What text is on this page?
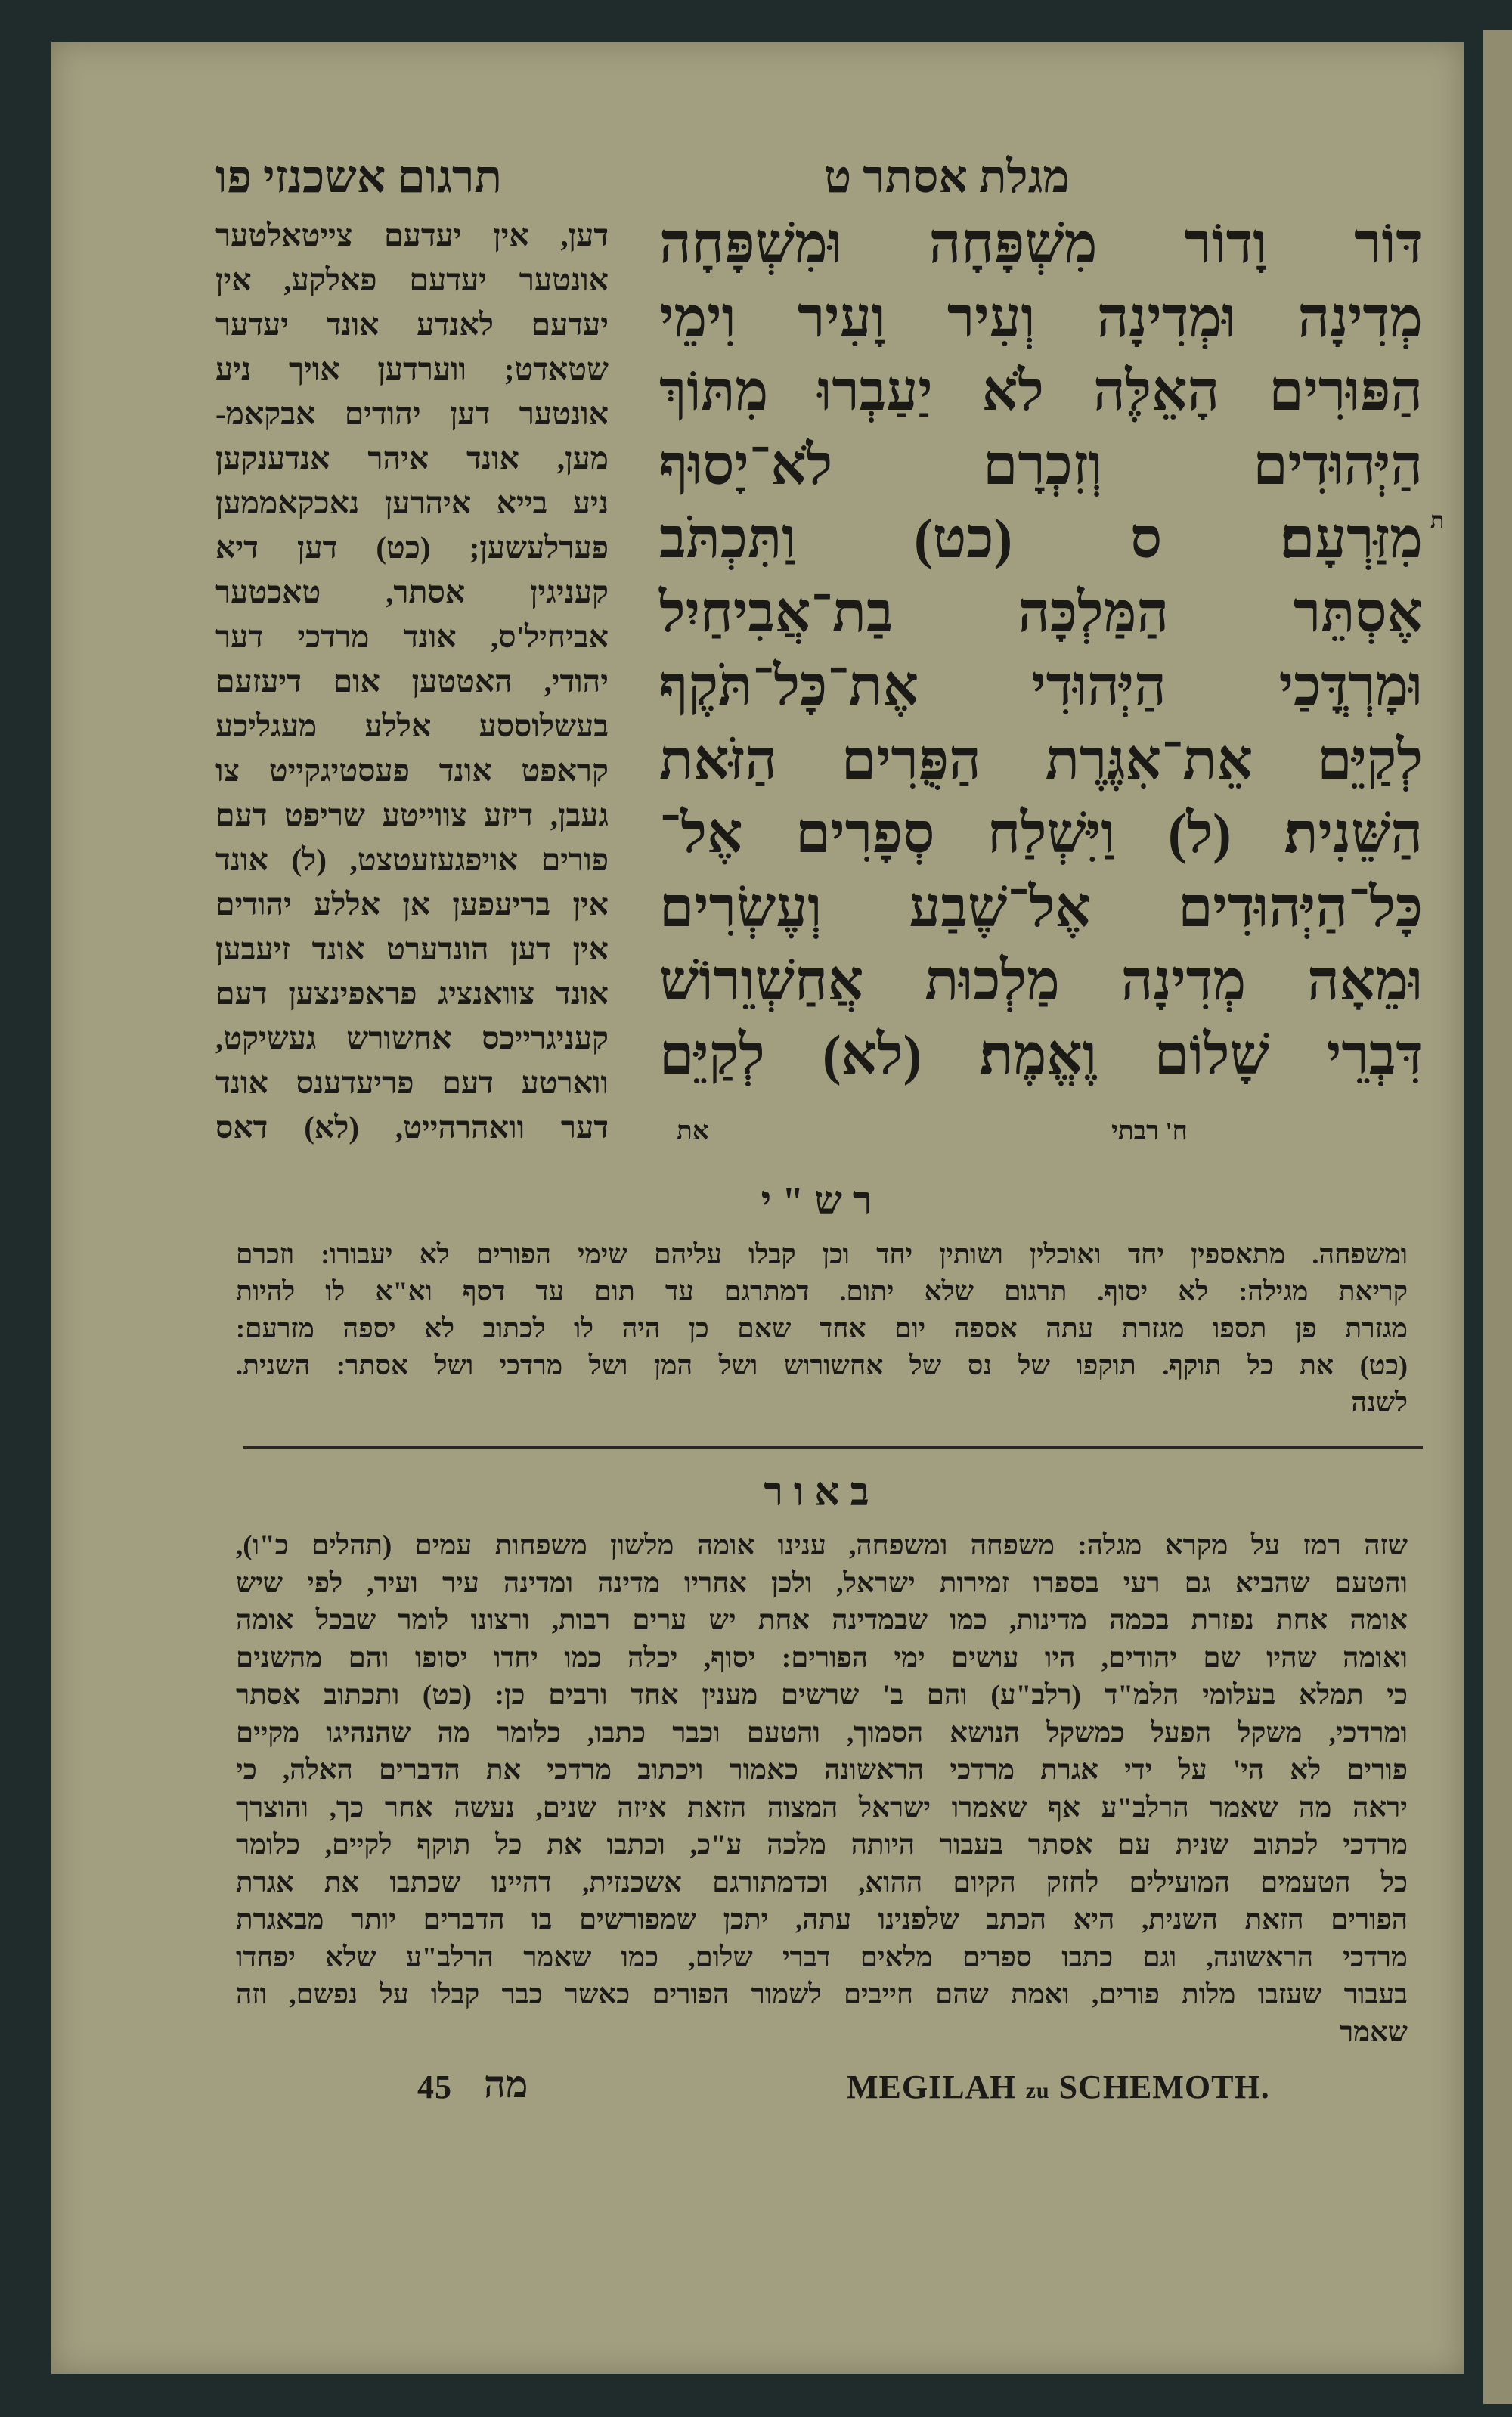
מגלת אסתר ט
תרגום אשכנזי פו
דּוֹר וָדוֹר מִשְׁפָּחָה וּמִשְׁפָּחָה
מְדִינָה וּמְדִינָה וְעִיר וָעִיר וִימֵי
הַפּוּרִים הָאֵלֶּה לֹא יַעַבְרוּ מִתּוֹךְ
הַיְּהוּדִים וְזִכְרָם לֹא־יָסוּף
מִזַּרְעָם׃ ס (כט) וַתִּכְתֹּב
אֶסְתֵּר הַמַּלְכָּה בַת־אֲבִיחַיִל
וּמָרְדֳּכַי הַיְּהוּדִי אֶת־כָּל־תֹּקֶף
לְקַיֵּם אֵת־אִגֶּרֶת הַפֻּרִים הַזֹּאת
הַשֵּׁנִית׃ (ל) וַיִּשְׁלַח סְפָרִים אֶל־
כָּל־הַיְּהוּדִים אֶל־שֶׁבַע וְעֶשְׂרִים
וּמֵאָה מְדִינָה מַלְכוּת אֲחַשְׁוֵרוֹשׁ
דִּבְרֵי שָׁלוֹם וֶאֱמֶת׃ (לא) לְקַיֵּם
ת
דען, אין יעדעם צייטאלטער
אונטער יעדעם פאלקע, אין
יעדעם לאנדע אונד יעדער
שטאדט; ווערדען אויך ניע
אונטער דען יהודים אבקאמ-
מען, אונד איהר אנדענקען
ניע בייא איהרען נאכקאממען
פערלעשען; (כט) דען דיא
קעניגין אסתר, טאכטער
אביחיל'ס, אונד מרדכי דער
יהודי, האטטען אום דיעזעם
בעשלוססע אללע מעגליכע
קראפט אונד פעסטיגקייט צו
געבן, דיזע צווייטע שריפט דעם
פורים אויפגעזעטצט, (ל) אונד
אין בריעפען אן אללע יהודים
אין דען הונדערט אונד זיעבען
אונד צוואנציג פראפינצען דעם
קעניגרייכס אחשורש געשיקט,
ווארטע דעם פריעדענס אונד
דער וואהרהייט, (לא) דאס	ח' רבתי
את
רש"י
ומשפחה. מתאספין יחד ואוכלין ושותין יחד וכן קבלו עליהם שימי הפורים לא יעבורו: וזכרם
קריאת מגילה: לא יסוף. תרגום שלא יתום. דמתרגם עד תום עד דסף וא"א לו להיות
מגזרת פן תספו מגזרת עתה אספה יום אחד שאם כן היה לו לכתוב לא יספה מזרעם:
(כט) את כל תוקף. תוקפו של נס של אחשורוש ושל המן ושל מרדכי ושל אסתר: השנית.
לשנה
באור
שזה רמז על מקרא מגלה: משפחה ומשפחה, ענינו אומה מלשון משפחות עמים (תהלים כ"ו),
והטעם שהביא גם רעי בספרו זמירות ישראל, ולכן אחריו מדינה ומדינה עיר ועיר, לפי שיש
אומה אחת נפזרת בכמה מדינות, כמו שבמדינה אחת יש ערים רבות, ורצונו לומר שבכל אומה
ואומה שהיו שם יהודים, היו עושים ימי הפורים: יסוף, יכלה כמו יחדו יסופו והם מהשנים
כי תמלא בעלומי הלמ"ד (רלב"ע) והם ב' שרשים מענין אחד ורבים כן: (כט) ותכתוב אסתר
ומרדכי, משקל הפעל כמשקל הנושא הסמוך, והטעם וכבר כתבו, כלומר מה שהנהיגו מקיים
פורים לא הי' על ידי אגרת מרדכי הראשונה כאמור ויכתוב מרדכי את הדברים האלה, כי
יראה מה שאמר הרלב"ע אף שאמרו ישראל המצוה הזאת איזה שנים, נעשה אחר כך, והוצרך
מרדכי לכתוב שנית עם אסתר בעבור היותה מלכה ע"כ, וכתבו את כל תוקף לקיים, כלומר
כל הטעמים המועילים לחזק הקיום ההוא, וכדמתורגם אשכנזית, דהיינו שכתבו את אגרת
הפורים הזאת השנית, היא הכתב שלפנינו עתה, יתכן שמפורשים בו הדברים יותר מבאגרת
מרדכי הראשונה, וגם כתבו ספרים מלאים דברי שלום, כמו שאמר הרלב"ע שלא יפחדו
בעבור שעזבו מלות פורים, ואמת שהם חייבים לשמור הפורים כאשר כבר קבלו על נפשם, וזה
שאמר
45 מה	MEGILAH zu SCHEMOTH.
